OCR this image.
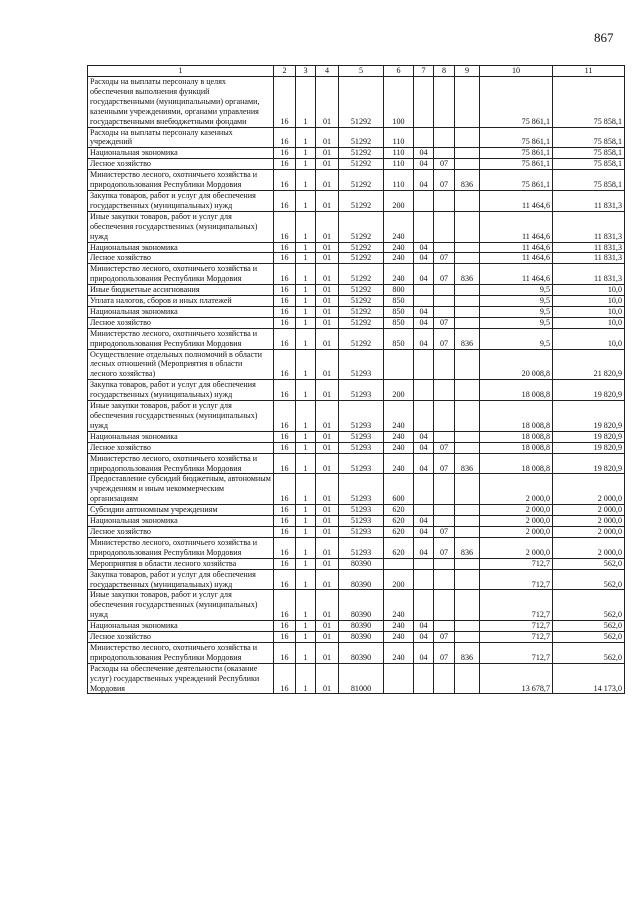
867
1	2	3	4	5	6	7	8	9	10	11
Расходы на выплаты персоналу в целях обеспечения выполнения функций государственными (муниципальными) органами, казенными учреждениями, органами управления государственными внебюджетными фондами	16	1	01	51292	100				75 861,1	75 858,1
Расходы на выплаты персоналу казенных учреждений	16	1	01	51292	110				75 861,1	75 858,1
Национальная экономика	16	1	01	51292	110	04			75 861,1	75 858,1
Лесное хозяйство	16	1	01	51292	110	04	07		75 861,1	75 858,1
Министерство лесного, охотничьего хозяйства и природопользования Республики Мордовия	16	1	01	51292	110	04	07	836	75 861,1	75 858,1
Закупка товаров, работ и услуг для обеспечения государственных (муниципальных) нужд	16	1	01	51292	200				11 464,6	11 831,3
Иные закупки товаров, работ и услуг для обеспечения государственных (муниципальных) нужд	16	1	01	51292	240				11 464,6	11 831,3
Национальная экономика	16	1	01	51292	240	04			11 464,6	11 831,3
Лесное хозяйство	16	1	01	51292	240	04	07		11 464,6	11 831,3
Министерство лесного, охотничьего хозяйства и природопользования Республики Мордовия	16	1	01	51292	240	04	07	836	11 464,6	11 831,3
Иные бюджетные ассигнования	16	1	01	51292	800				9,5	10,0
Уплата налогов, сборов и иных платежей	16	1	01	51292	850				9,5	10,0
Национальная экономика	16	1	01	51292	850	04			9,5	10,0
Лесное хозяйство	16	1	01	51292	850	04	07		9,5	10,0
Министерство лесного, охотничьего хозяйства и природопользования Республики Мордовия	16	1	01	51292	850	04	07	836	9,5	10,0
Осуществление отдельных полномочий в области лесных отношений (Мероприятия в области лесного хозяйства)	16	1	01	51293					20 008,8	21 820,9
Закупка товаров, работ и услуг для обеспечения государственных (муниципальных) нужд	16	1	01	51293	200				18 008,8	19 820,9
Иные закупки товаров, работ и услуг для обеспечения государственных (муниципальных) нужд	16	1	01	51293	240				18 008,8	19 820,9
Национальная экономика	16	1	01	51293	240	04			18 008,8	19 820,9
Лесное хозяйство	16	1	01	51293	240	04	07		18 008,8	19 820,9
Министерство лесного, охотничьего хозяйства и природопользования Республики Мордовия	16	1	01	51293	240	04	07	836	18 008,8	19 820,9
Предоставление субсидий бюджетным, автономным учреждениям и иным некоммерческим организациям	16	1	01	51293	600				2 000,0	2 000,0
Субсидии автономным учреждениям	16	1	01	51293	620				2 000,0	2 000,0
Национальная экономика	16	1	01	51293	620	04			2 000,0	2 000,0
Лесное хозяйство	16	1	01	51293	620	04	07		2 000,0	2 000,0
Министерство лесного, охотничьего хозяйства и природопользования Республики Мордовия	16	1	01	51293	620	04	07	836	2 000,0	2 000,0
Мероприятия в области лесного хозяйства	16	1	01	80390					712,7	562,0
Закупка товаров, работ и услуг для обеспечения государственных (муниципальных) нужд	16	1	01	80390	200				712,7	562,0
Иные закупки товаров, работ и услуг для обеспечения государственных (муниципальных) нужд	16	1	01	80390	240				712,7	562,0
Национальная экономика	16	1	01	80390	240	04			712,7	562,0
Лесное хозяйство	16	1	01	80390	240	04	07		712,7	562,0
Министерство лесного, охотничьего хозяйства и природопользования Республики Мордовия	16	1	01	80390	240	04	07	836	712,7	562,0
Расходы на обеспечение деятельности (оказание услуг) государственных учреждений Республики Мордовия	16	1	01	81000					13 678,7	14 173,0
